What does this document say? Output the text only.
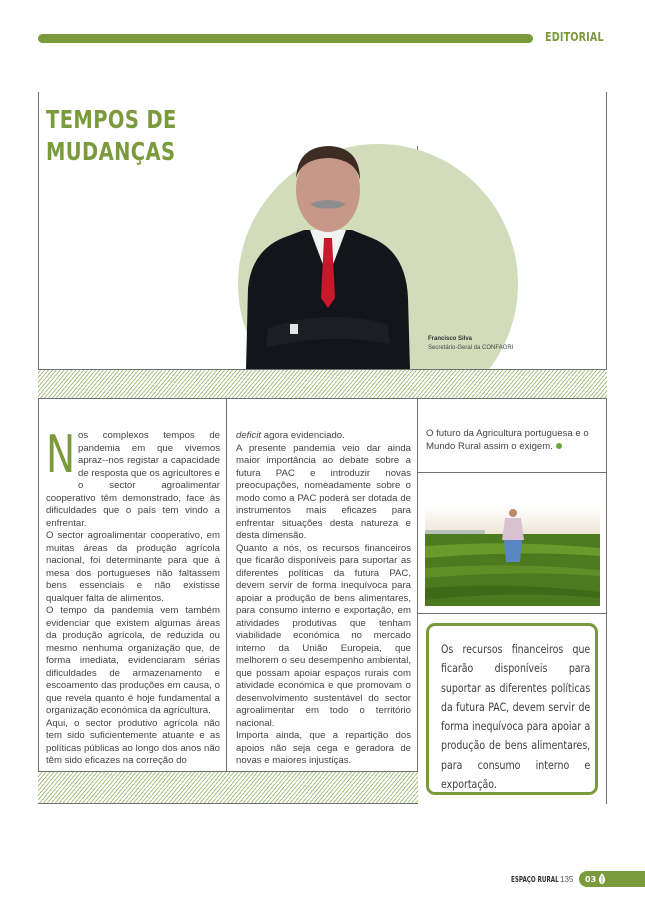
EDITORIAL
TEMPOS DE
MUDANÇAS
Francisco Silva
Secretário-Geral da CONFAGRI
N os complexos tempos de pandemia em que vivemos apraz--nos registar a capacidade de resposta que os agricultores e o sector agroalimentar cooperativo têm demonstrado, face às dificuldades que o país tem vindo a enfrentar.

O sector agroalimentar cooperativo, em muitas áreas da produção agrícola nacional, foi determinante para que à mesa dos portugueses não faltassem bens essenciais e não existisse qualquer falta de alimentos.

O tempo da pandemia vem também evidenciar que existem algumas áreas da produção agrícola, de reduzida ou mesmo nenhuma organização que, de forma imediata, evidenciaram sérias dificuldades de armazenamento e escoamento das produções em causa, o que revela quanto é hoje fundamental a organização económica da agricultura.

Aqui, o sector produtivo agrícola não tem sido suficientemente atuante e as políticas públicas ao longo dos anos não têm sido eficazes na correção do

deficit agora evidenciado.

A presente pandemia veio dar ainda maior importância ao debate sobre a futura PAC e introduzir novas preocupações, nomeadamente sobre o modo como a PAC poderá ser dotada de instrumentos mais eficazes para enfrentar situações desta natureza e desta dimensão.

Quanto a nós, os recursos financeiros que ficarão disponíveis para suportar as diferentes políticas da futura PAC, devem servir de forma inequívoca para apoiar a produção de bens alimentares, para consumo interno e exportação, em atividades produtivas que tenham viabilidade económica no mercado interno da União Europeia, que melhorem o seu desempenho ambiental, que possam apoiar espaços rurais com atividade económica e que promovam o desenvolvimento sustentável do sector agroalimentar em todo o território nacional.

Importa ainda, que a repartição dos apoios não seja cega e geradora de novas e maiores injustiças.

O futuro da Agricultura portuguesa e o Mundo Rural assim o exigem.

Os recursos financeiros que ficarão disponíveis para suportar as diferentes políticas da futura PAC, devem servir de forma inequívoca para apoiar a produção de bens alimentares, para consumo interno e exportação.
ESPAÇO RURAL 135 03
